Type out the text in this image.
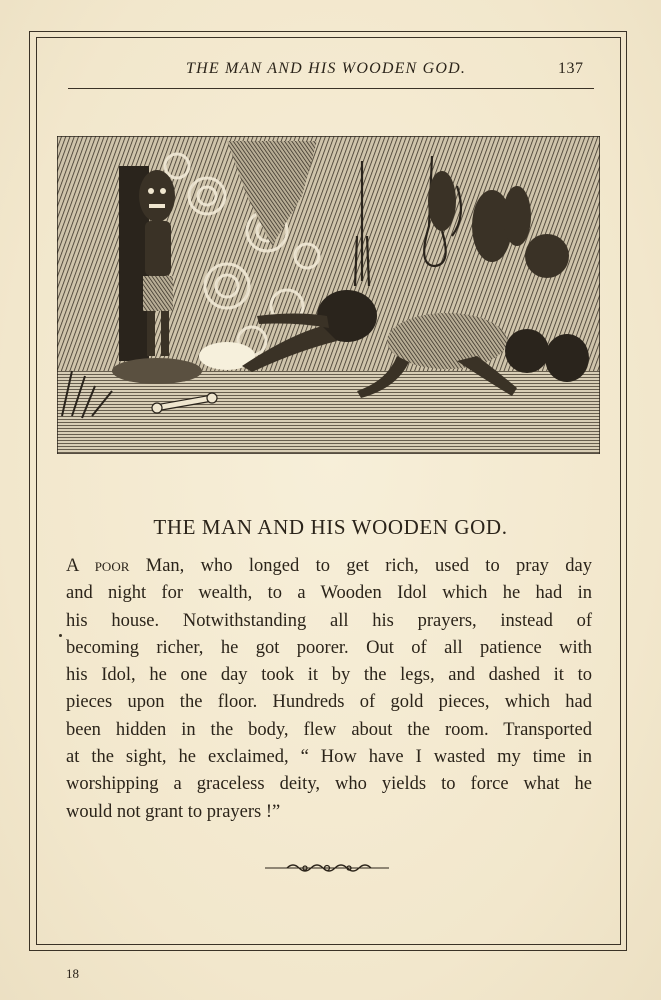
THE MAN AND HIS WOODEN GOD.	137
THE MAN AND HIS WOODEN GOD.
A poor Man, who longed to get rich, used to pray day
and night for wealth, to a Wooden Idol which he had in
his house. Notwithstanding all his prayers, instead of
becoming richer, he got poorer. Out of all patience with
his Idol, he one day took it by the legs, and dashed it to
pieces upon the floor. Hundreds of gold pieces, which had
been hidden in the body, flew about the room. Transported
at the sight, he exclaimed, “ How have I wasted my time in
worshipping a graceless deity, who yields to force what he
would not grant to prayers !”
18
